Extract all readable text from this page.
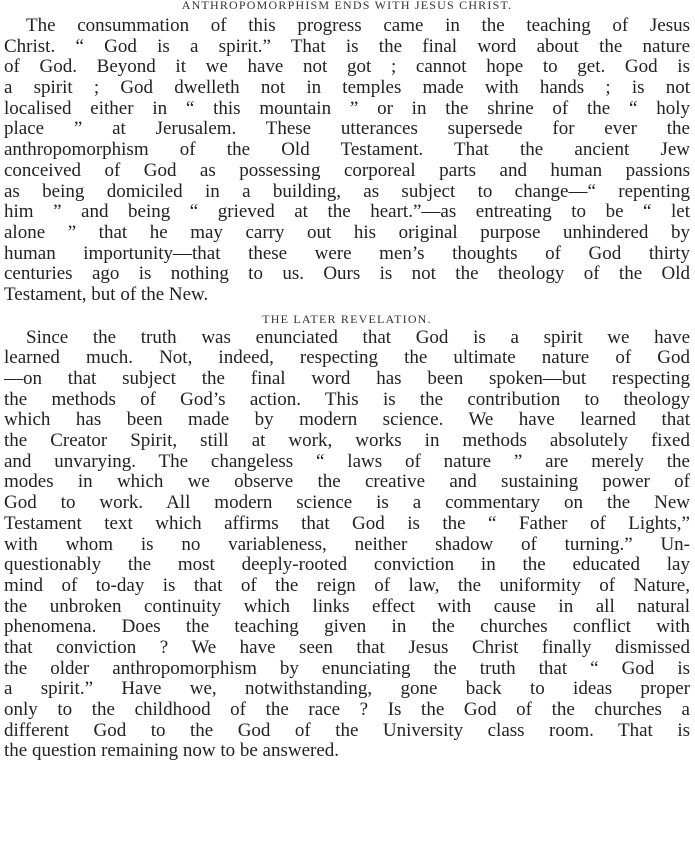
ANTHROPOMORPHISM ENDS WITH JESUS CHRIST.
The consummation of this progress came in the teaching of Jesus
Christ. “ God is a spirit.” That is the final word about the nature
of God. Beyond it we have not got ; cannot hope to get. God is
a spirit ; God dwelleth not in temples made with hands ; is not
localised either in “ this mountain ” or in the shrine of the “ holy
place ” at Jerusalem. These utterances supersede for ever the
anthropomorphism of the Old Testament. That the ancient Jew
conceived of God as possessing corporeal parts and human passions
as being domiciled in a building, as subject to change—“ repenting
him ” and being “ grieved at the heart.”—as entreating to be “ let
alone ” that he may carry out his original purpose unhindered by
human importunity—that these were men’s thoughts of God thirty
centuries ago is nothing to us. Ours is not the theology of the Old
Testament, but of the New.
THE LATER REVELATION.
Since the truth was enunciated that God is a spirit we have
learned much. Not, indeed, respecting the ultimate nature of God
—on that subject the final word has been spoken—but respecting
the methods of God’s action. This is the contribution to theology
which has been made by modern science. We have learned that
the Creator Spirit, still at work, works in methods absolutely fixed
and unvarying. The changeless “ laws of nature ” are merely the
modes in which we observe the creative and sustaining power of
God to work. All modern science is a commentary on the New
Testament text which affirms that God is the “ Father of Lights,”
with whom is no variableness, neither shadow of turning.” Un-
questionably the most deeply-rooted conviction in the educated lay
mind of to-day is that of the reign of law, the uniformity of Nature,
the unbroken continuity which links effect with cause in all natural
phenomena. Does the teaching given in the churches conflict with
that conviction ? We have seen that Jesus Christ finally dismissed
the older anthropomorphism by enunciating the truth that “ God is
a spirit.” Have we, notwithstanding, gone back to ideas proper
only to the childhood of the race ? Is the God of the churches a
different God to the God of the University class room. That is
the question remaining now to be answered.
